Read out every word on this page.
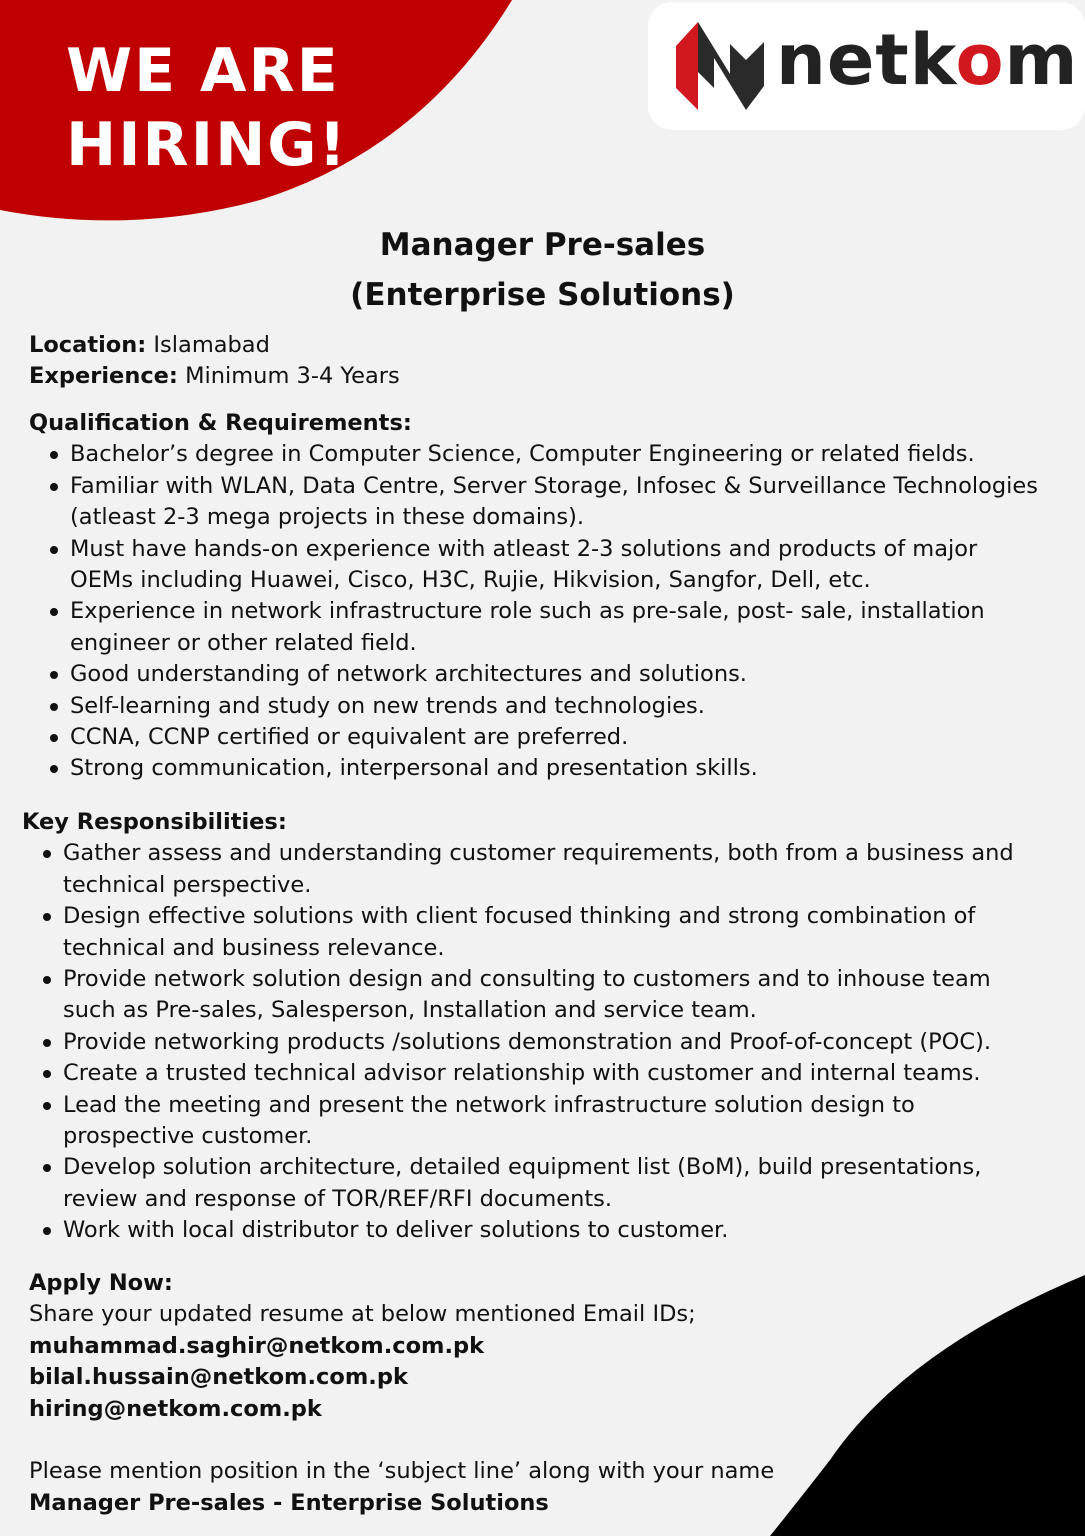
WE ARE
HIRING!
netkom
Manager Pre-sales
(Enterprise Solutions)

Location: Islamabad

Experience: Minimum 3-4 Years

Qualification & Requirements:

Bachelor’s degree in Computer Science, Computer Engineering or related fields.
Familiar with WLAN, Data Centre, Server Storage, Infosec & Surveillance Technologies
(atleast 2-3 mega projects in these domains).
Must have hands-on experience with atleast 2-3 solutions and products of major
OEMs including Huawei, Cisco, H3C, Rujie, Hikvision, Sangfor, Dell, etc.
Experience in network infrastructure role such as pre-sale, post- sale, installation
engineer or other related field.
Good understanding of network architectures and solutions.
Self-learning and study on new trends and technologies.
CCNA, CCNP certified or equivalent are preferred.
Strong communication, interpersonal and presentation skills.

Key Responsibilities:

Gather assess and understanding customer requirements, both from a business and
technical perspective.
Design effective solutions with client focused thinking and strong combination of
technical and business relevance.
Provide network solution design and consulting to customers and to inhouse team
such as Pre-sales, Salesperson, Installation and service team.
Provide networking products /solutions demonstration and Proof-of-concept (POC).
Create a trusted technical advisor relationship with customer and internal teams.
Lead the meeting and present the network infrastructure solution design to
prospective customer.
Develop solution architecture, detailed equipment list (BoM), build presentations,
review and response of TOR/REF/RFI documents.
Work with local distributor to deliver solutions to customer.

Apply Now:

Share your updated resume at below mentioned Email IDs;

muhammad.saghir@netkom.com.pk

bilal.hussain@netkom.com.pk

hiring@netkom.com.pk

Please mention position in the ‘subject line’ along with your name

Manager Pre-sales - Enterprise Solutions
